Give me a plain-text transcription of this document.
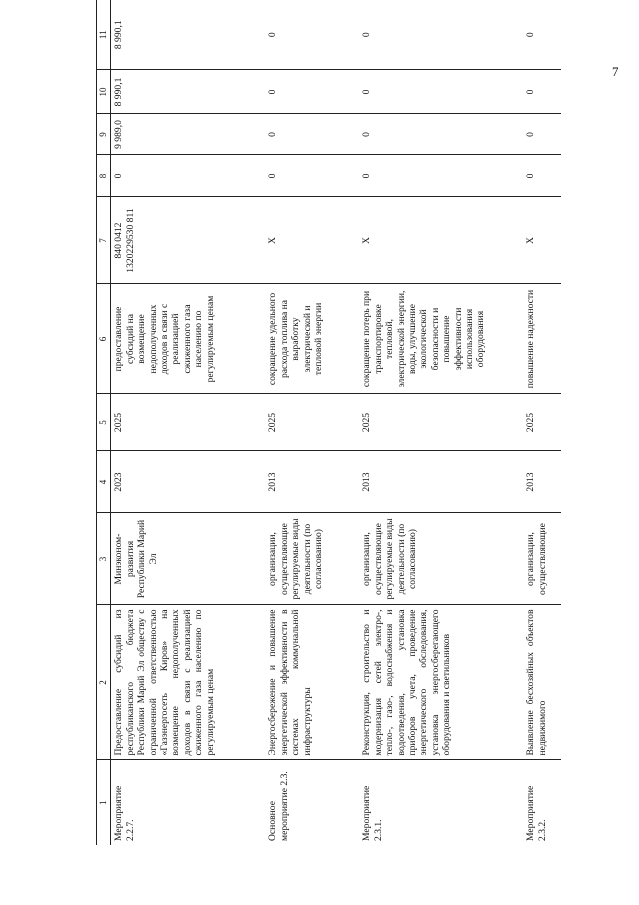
7
1	2	3	4	5	6	7	8	9	10	11
Мероприятие 2.2.7.	Предоставление субсидий из республиканского бюджета Республики Марий Эл обществу с ограниченной ответственностью «Газэнергосеть Киров» на возмещение недополученных доходов в связи с реализацией сжиженного газа населению по регулируемым ценам	Минэконом-развития Республики Марий Эл	2023	2025	предоставление субсидий на возмещение недополученных доходов в связи с реализацией сжиженного газа населению по регулируемым ценам	840 0412 1320229530 811	0	9 989,0	8 990,1	8 990,1
Основное мероприятие 2.3.	Энергосбережение и повышение энергетической эффективности в системах коммунальной инфраструктуры	организации, осуществляющие регулируемые виды деятельности (по согласованию)	2013	2025	сокращение удельного расхода топлива на выработку электрической и тепловой энергии	Х	0	0	0	0
Мероприятие 2.3.1.	Реконструкция, строительство и модернизация сетей электро-, тепло-, газо-, водоснабжения и водоотведения, установка приборов учета, проведение энергетического обследования, установка энергосберегающего оборудования и светильников	организации, осуществляющие регулируемые виды деятельности (по согласованию)	2013	2025	сокращение потерь при транспортировке тепловой, электрической энергии, воды, улучшение экологической безопасности и повышение эффективности использования оборудования	Х	0	0	0	0
Мероприятие 2.3.2.	Выявление бесхозяйных объектов недвижимого	организации, осуществляющие	2013	2025	повышение надежности	Х	0	0	0	0
